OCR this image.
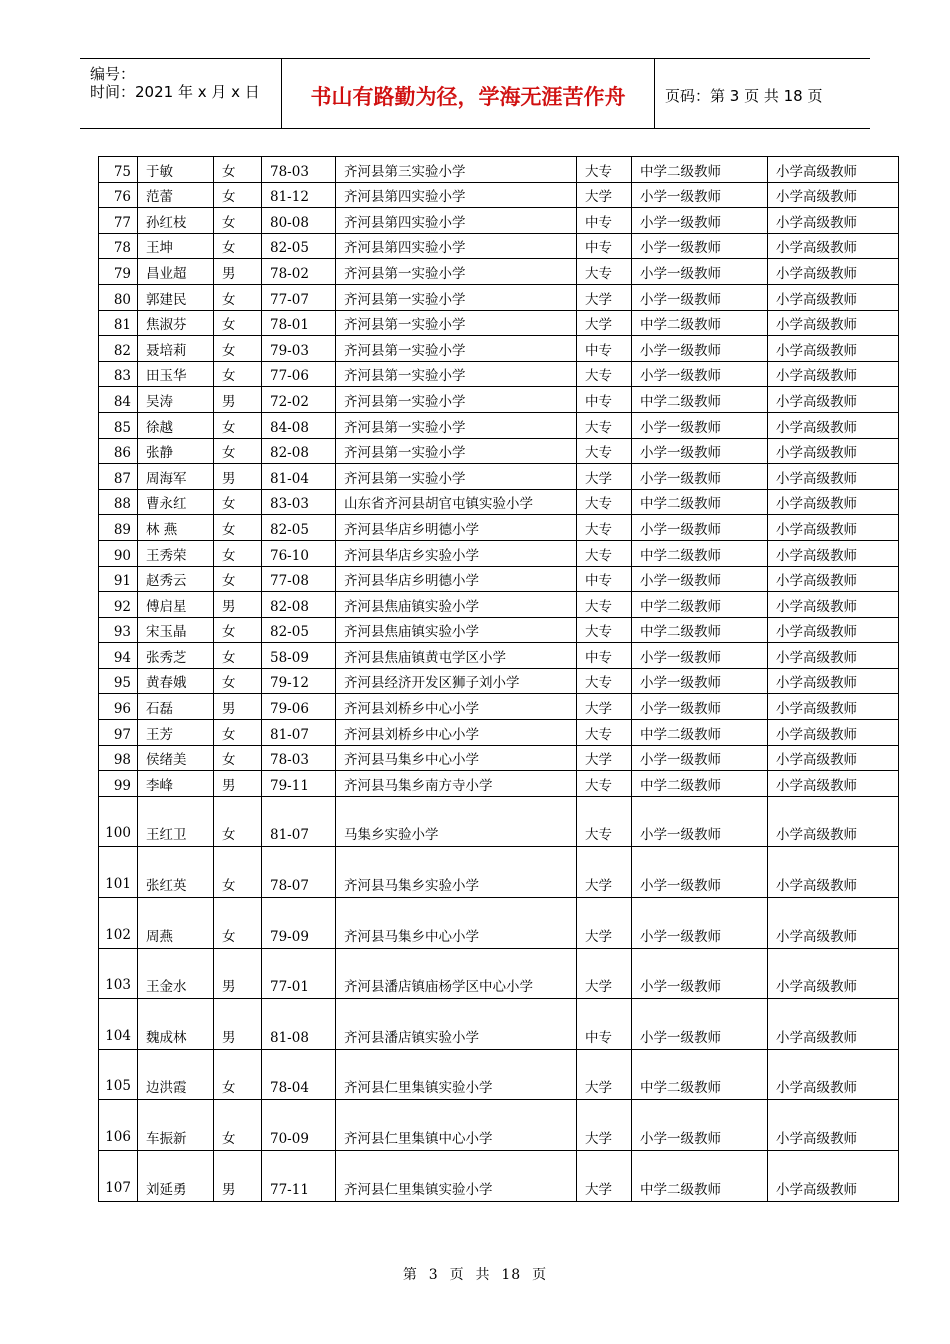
编号：
时间：2021 年 x 月 x 日	书山有路勤为径，学海无涯苦作舟	页码：第 3 页 共 18 页
75	于敏	女	78-03	齐河县第三实验小学	大专	中学二级教师	小学高级教师
76	范蕾	女	81-12	齐河县第四实验小学	大学	小学一级教师	小学高级教师
77	孙红枝	女	80-08	齐河县第四实验小学	中专	小学一级教师	小学高级教师
78	王坤	女	82-05	齐河县第四实验小学	中专	小学一级教师	小学高级教师
79	昌业超	男	78-02	齐河县第一实验小学	大专	小学一级教师	小学高级教师
80	郭建民	女	77-07	齐河县第一实验小学	大学	小学一级教师	小学高级教师
81	焦淑芬	女	78-01	齐河县第一实验小学	大学	中学二级教师	小学高级教师
82	聂培莉	女	79-03	齐河县第一实验小学	中专	小学一级教师	小学高级教师
83	田玉华	女	77-06	齐河县第一实验小学	大专	小学一级教师	小学高级教师
84	吴涛	男	72-02	齐河县第一实验小学	中专	中学二级教师	小学高级教师
85	徐越	女	84-08	齐河县第一实验小学	大专	小学一级教师	小学高级教师
86	张静	女	82-08	齐河县第一实验小学	大专	小学一级教师	小学高级教师
87	周海军	男	81-04	齐河县第一实验小学	大学	小学一级教师	小学高级教师
88	曹永红	女	83-03	山东省齐河县胡官屯镇实验小学	大专	中学二级教师	小学高级教师
89	林 燕	女	82-05	齐河县华店乡明德小学	大专	小学一级教师	小学高级教师
90	王秀荣	女	76-10	齐河县华店乡实验小学	大专	中学二级教师	小学高级教师
91	赵秀云	女	77-08	齐河县华店乡明德小学	中专	小学一级教师	小学高级教师
92	傅启星	男	82-08	齐河县焦庙镇实验小学	大专	中学二级教师	小学高级教师
93	宋玉晶	女	82-05	齐河县焦庙镇实验小学	大专	中学二级教师	小学高级教师
94	张秀芝	女	58-09	齐河县焦庙镇黄屯学区小学	中专	小学一级教师	小学高级教师
95	黄春娥	女	79-12	齐河县经济开发区狮子刘小学	大专	小学一级教师	小学高级教师
96	石磊	男	79-06	齐河县刘桥乡中心小学	大学	小学一级教师	小学高级教师
97	王芳	女	81-07	齐河县刘桥乡中心小学	大专	中学二级教师	小学高级教师
98	侯绪美	女	78-03	齐河县马集乡中心小学	大学	小学一级教师	小学高级教师
99	李峰	男	79-11	齐河县马集乡南方寺小学	大专	中学二级教师	小学高级教师
100	王红卫	女	81-07	马集乡实验小学	大专	小学一级教师	小学高级教师
101	张红英	女	78-07	齐河县马集乡实验小学	大学	小学一级教师	小学高级教师
102	周燕	女	79-09	齐河县马集乡中心小学	大学	小学一级教师	小学高级教师
103	王金水	男	77-01	齐河县潘店镇庙杨学区中心小学	大学	小学一级教师	小学高级教师
104	魏成林	男	81-08	齐河县潘店镇实验小学	中专	小学一级教师	小学高级教师
105	边洪霞	女	78-04	齐河县仁里集镇实验小学	大学	中学二级教师	小学高级教师
106	车振新	女	70-09	齐河县仁里集镇中心小学	大学	小学一级教师	小学高级教师
107	刘延勇	男	77-11	齐河县仁里集镇实验小学	大学	中学二级教师	小学高级教师
第  3  页  共  18  页
